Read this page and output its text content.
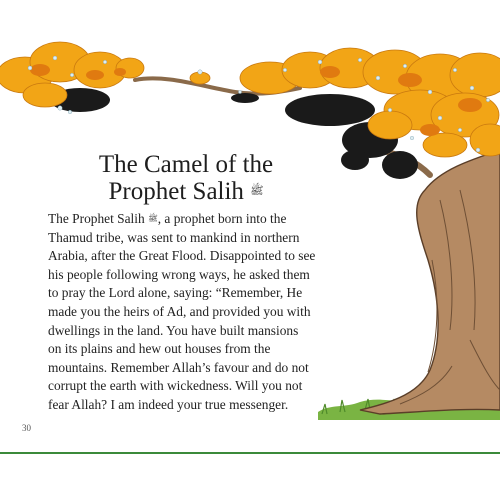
The Camel of the
Prophet Salih $^ﷺ$
The Prophet Salih ﷺ, a prophet born into the
Thamud tribe, was sent to mankind in northern
Arabia, after the Great Flood. Disappointed to see
his people following wrong ways, he asked them
to pray the Lord alone, saying: “Remember, He
made you the heirs of Ad, and provided you with
dwellings in the land. You have built mansions
on its plains and hew out houses from the
mountains. Remember Allah’s favour and do not
corrupt the earth with wickedness. Will you not
fear Allah? I am indeed your true messenger.
30
